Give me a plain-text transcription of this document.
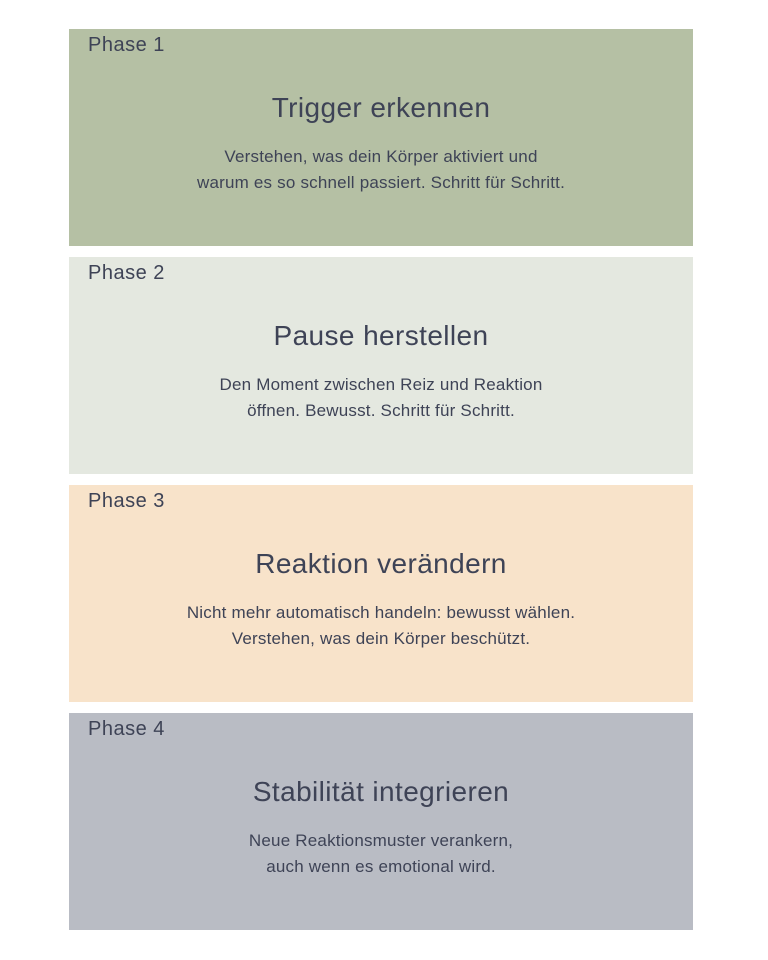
Phase 1
Trigger erkennen
Verstehen, was dein Körper aktiviert und
warum es so schnell passiert. Schritt für Schritt.
Phase 2
Pause herstellen
Den Moment zwischen Reiz und Reaktion
öffnen. Bewusst. Schritt für Schritt.
Phase 3
Reaktion verändern
Nicht mehr automatisch handeln: bewusst wählen.
Verstehen, was dein Körper beschützt.
Phase 4
Stabilität integrieren
Neue Reaktionsmuster verankern,
auch wenn es emotional wird.
